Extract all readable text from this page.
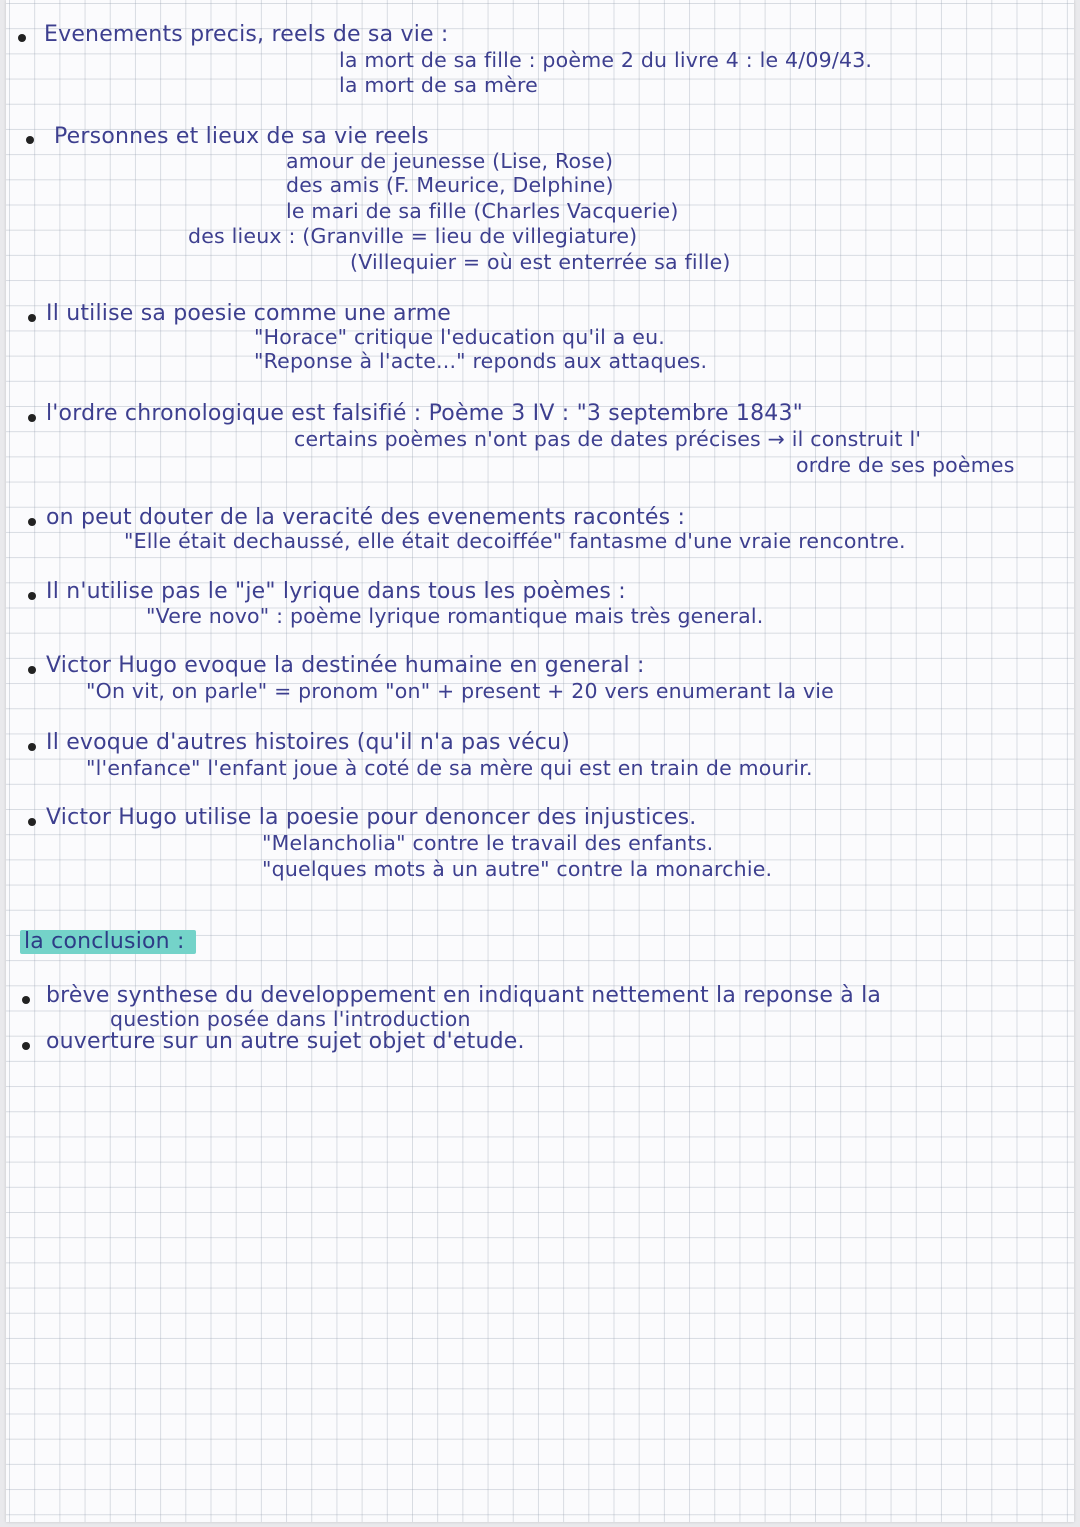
Evenements precis, reels de sa vie :
la mort de sa fille : poème 2 du livre 4 : le 4/09/43.
la mort de sa mère
Personnes et lieux de sa vie reels
amour de jeunesse (Lise, Rose)
des amis (F. Meurice, Delphine)
le mari de sa fille (Charles Vacquerie)
des lieux : (Granville = lieu de villegiature)
(Villequier = où est enterrée sa fille)
Il utilise sa poesie comme une arme
"Horace" critique l'education qu'il a eu.
"Reponse à l'acte..." reponds aux attaques.
l'ordre chronologique est falsifié : Poème 3 IV : "3 septembre 1843"
certains poèmes n'ont pas de dates précises → il construit l'
ordre de ses poèmes
on peut douter de la veracité des evenements racontés :
"Elle était dechaussé, elle était decoiffée" fantasme d'une vraie rencontre.
Il n'utilise pas le "je" lyrique dans tous les poèmes :
"Vere novo" : poème lyrique romantique mais très general.
Victor Hugo evoque la destinée humaine en general :
"On vit, on parle" = pronom "on" + present + 20 vers enumerant la vie
Il evoque d'autres histoires (qu'il n'a pas vécu)
"l'enfance" l'enfant joue à coté de sa mère qui est en train de mourir.
Victor Hugo utilise la poesie pour denoncer des injustices.
"Melancholia" contre le travail des enfants.
"quelques mots à un autre" contre la monarchie.
la conclusion :
brève synthese du developpement en indiquant nettement la reponse à la
question posée dans l'introduction
ouverture sur un autre sujet objet d'etude.
